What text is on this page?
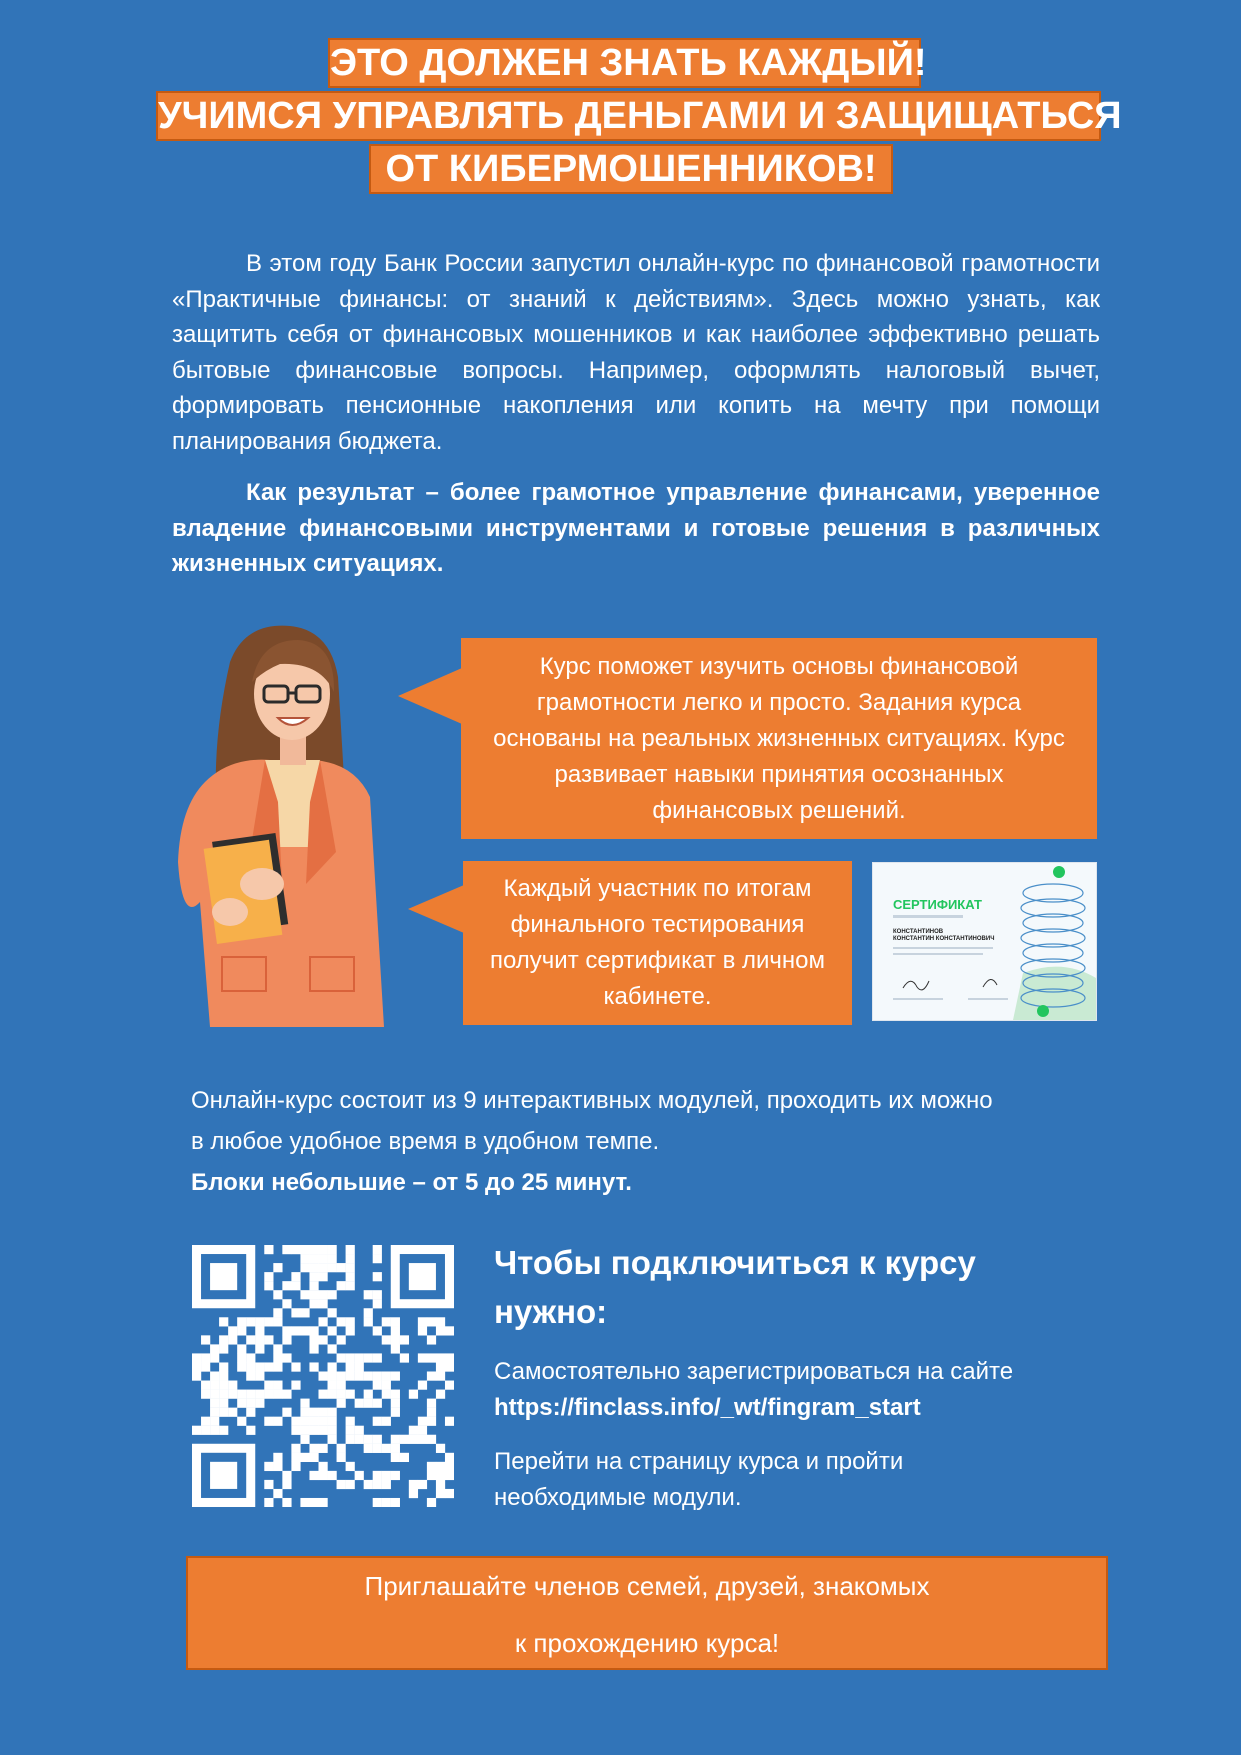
ЭТО ДОЛЖЕН ЗНАТЬ КАЖДЫЙ!
УЧИМСЯ УПРАВЛЯТЬ ДЕНЬГАМИ И ЗАЩИЩАТЬСЯ
ОТ КИБЕРМОШЕННИКОВ!

В этом году Банк России запустил онлайн-курс по финансовой грамотности «Практичные финансы: от знаний к действиям». Здесь можно узнать, как защитить себя от финансовых мошенников и как наиболее эффективно решать бытовые финансовые вопросы. Например, оформлять налоговый вычет, формировать пенсионные накопления или копить на мечту при помощи планирования бюджета.

Как результат – более грамотное управление финансами, уверенное владение финансовыми инструментами и готовые решения в различных жизненных ситуациях.

Курс поможет изучить основы финансовой грамотности легко и просто. Задания курса основаны на реальных жизненных ситуациях. Курс развивает навыки принятия осознанных финансовых решений.
Каждый участник по итогам финального тестирования получит сертификат в личном кабинете.
СЕРТИФИКАТ
КОНСТАНТИНОВ
КОНСТАНТИН КОНСТАНТИНОВИЧ
Онлайн-курс состоит из 9 интерактивных модулей, проходить их можно
в любое удобное время в удобном темпе.
Блоки небольшие – от 5 до 25 минут.
Чтобы подключиться к курсу
нужно:
Самостоятельно зарегистрироваться на сайте
https://finclass.info/_wt/fingram_start
Перейти на страницу курса и пройти
необходимые модули.
Приглашайте членов семей, друзей, знакомых
к прохождению курса!
